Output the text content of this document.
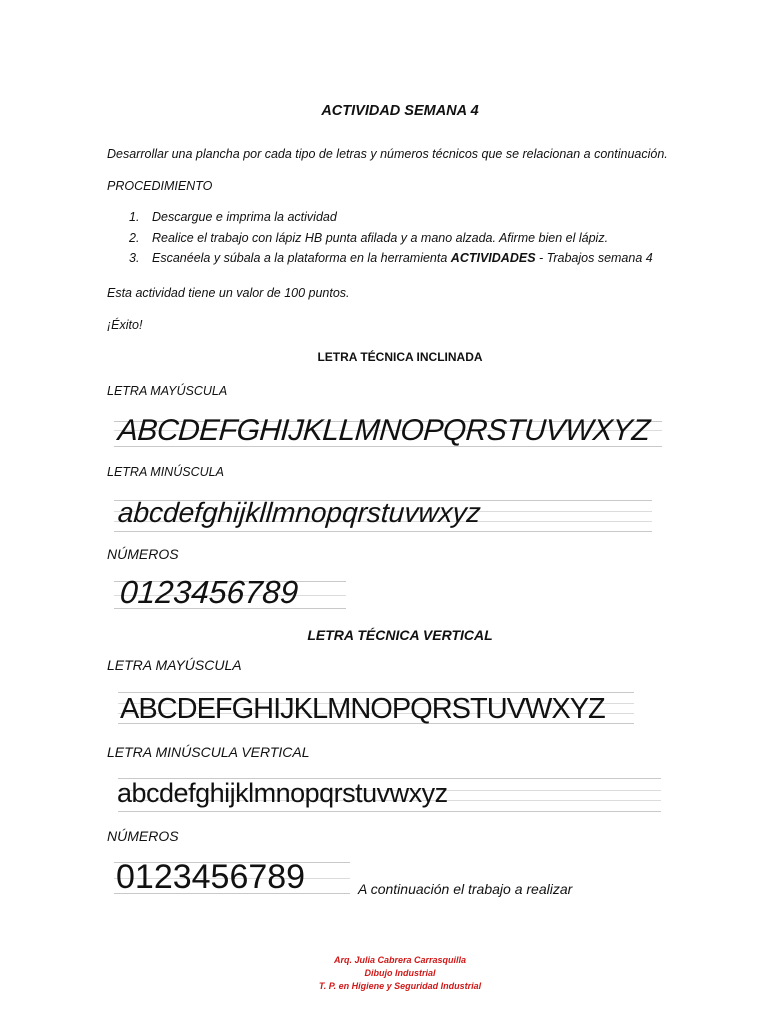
ACTIVIDAD SEMANA 4
Desarrollar una plancha por cada tipo de letras y números técnicos que se relacionan a continuación.
PROCEDIMIENTO
1. Descargue e imprima la actividad
2. Realice el trabajo con lápiz HB punta afilada y a mano alzada. Afirme bien el lápiz.
3. Escanéela y súbala a la plataforma en la herramienta ACTIVIDADES - Trabajos semana 4
Esta actividad tiene un valor de 100 puntos.
¡Éxito!
LETRA TÉCNICA INCLINADA
LETRA MAYÚSCULA
ABCDEFGHIJKLLMNOPQRSTUVWXYZ
LETRA MINÚSCULA
abcdefghijkllmnopqrstuvwxyz
NÚMEROS
0123456789
LETRA TÉCNICA VERTICAL
LETRA MAYÚSCULA
ABCDEFGHIJKLMNOPQRSTUVWXYZ
LETRA MINÚSCULA VERTICAL
abcdefghijklmnopqrstuvwxyz
NÚMEROS
0123456789	A continuación el trabajo a realizar
Arq. Julia Cabrera Carrasquilla
Dibujo Industrial
T. P. en Higiene y Seguridad Industrial
